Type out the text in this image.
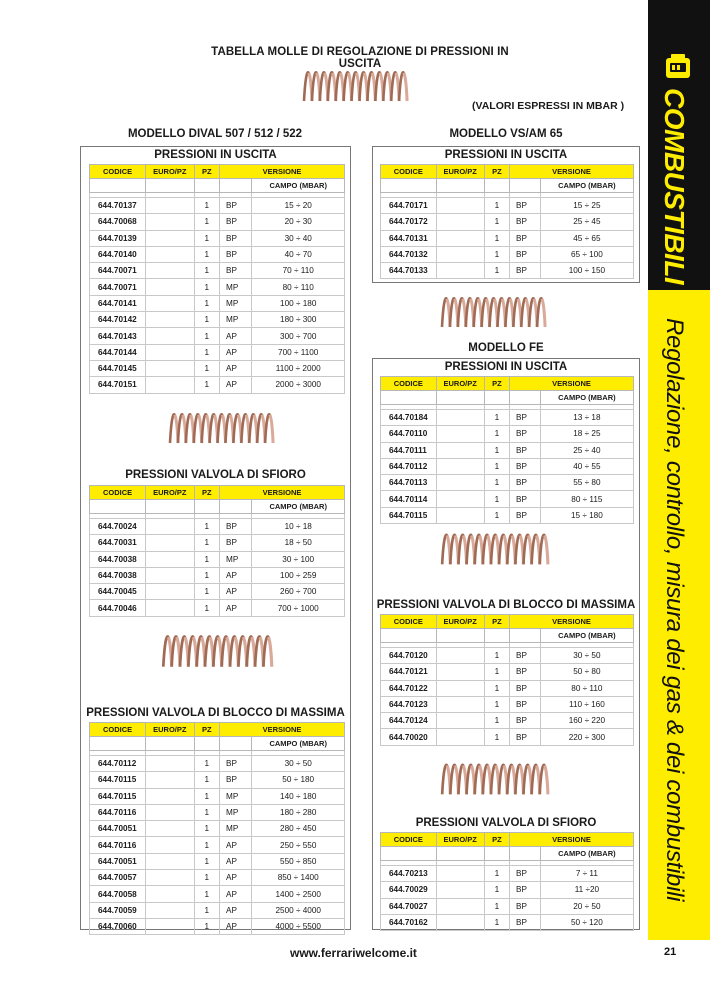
TABELLA MOLLE DI REGOLAZIONE DI PRESSIONI IN USCITA
(VALORI ESPRESSI IN MBAR )
MODELLO DIVAL 507 / 512 / 522
PRESSIONI IN USCITA
CODICE	EURO/PZ	PZ	VERSIONE	
				CAMPO (MBAR)

644.70137		1	BP	15 ÷ 20
644.70068		1	BP	20 ÷ 30
644.70139		1	BP	30 ÷ 40
644.70140		1	BP	40 ÷ 70
644.70071		1	BP	70 ÷ 110
644.70071		1	MP	80 ÷ 110
644.70141		1	MP	100 ÷ 180
644.70142		1	MP	180 ÷ 300
644.70143		1	AP	300 ÷ 700
644.70144		1	AP	700 ÷ 1100
644.70145		1	AP	1100 ÷ 2000
644.70151		1	AP	2000 ÷ 3000
PRESSIONI VALVOLA DI SFIORO
CODICE	EURO/PZ	PZ	VERSIONE	
				CAMPO (MBAR)

644.70024		1	BP	10 ÷ 18
644.70031		1	BP	18 ÷ 50
644.70038		1	MP	30 ÷ 100
644.70038		1	AP	100 ÷ 259
644.70045		1	AP	260 ÷ 700
644.70046		1	AP	700 ÷ 1000
PRESSIONI VALVOLA DI BLOCCO DI MASSIMA
CODICE	EURO/PZ	PZ	VERSIONE	
				CAMPO (MBAR)

644.70112		1	BP	30 ÷ 50
644.70115		1	BP	50 ÷ 180
644.70115		1	MP	140 ÷ 180
644.70116		1	MP	180 ÷ 280
644.70051		1	MP	280 ÷ 450
644.70116		1	AP	250 ÷ 550
644.70051		1	AP	550 ÷ 850
644.70057		1	AP	850 ÷ 1400
644.70058		1	AP	1400 ÷ 2500
644.70059		1	AP	2500 ÷ 4000
644.70060		1	AP	4000 ÷ 5500
MODELLO VS/AM 65
PRESSIONI IN USCITA
CODICE	EURO/PZ	PZ	VERSIONE	
				CAMPO (MBAR)

644.70171		1	BP	15 ÷ 25
644.70172		1	BP	25 ÷ 45
644.70131		1	BP	45 ÷ 65
644.70132		1	BP	65 ÷ 100
644.70133		1	BP	100 ÷ 150
MODELLO FE
PRESSIONI IN USCITA
CODICE	EURO/PZ	PZ	VERSIONE	
				CAMPO (MBAR)

644.70184		1	BP	13 ÷ 18
644.70110		1	BP	18 ÷ 25
644.70111		1	BP	25 ÷ 40
644.70112		1	BP	40 ÷ 55
644.70113		1	BP	55 ÷ 80
644.70114		1	BP	80 ÷ 115
644.70115		1	BP	15 ÷ 180
PRESSIONI VALVOLA DI BLOCCO DI MASSIMA
CODICE	EURO/PZ	PZ	VERSIONE	
				CAMPO (MBAR)

644.70120		1	BP	30 ÷ 50
644.70121		1	BP	50 ÷ 80
644.70122		1	BP	80 ÷ 110
644.70123		1	BP	110 ÷ 160
644.70124		1	BP	160 ÷ 220
644.70020		1	BP	220 ÷ 300
PRESSIONI VALVOLA DI SFIORO
CODICE	EURO/PZ	PZ	VERSIONE	
				CAMPO (MBAR)

644.70213		1	BP	7 ÷ 11
644.70029		1	BP	11 ÷20
644.70027		1	BP	20 ÷ 50
644.70162		1	BP	50 ÷ 120
COMBUSTIBILI
Regolazione, controllo, misura dei gas & dei combustibili
www.ferrariwelcome.it	21
